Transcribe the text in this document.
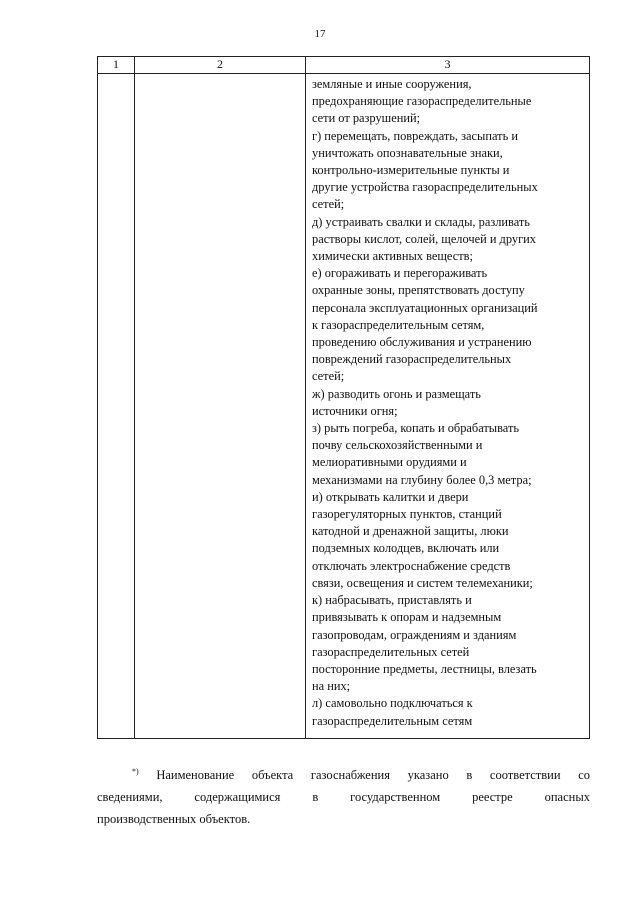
17
1	2	3
земляные и иные сооружения,
предохраняющие газораспределительные
сети от разрушений;
г) перемещать, повреждать, засыпать и
уничтожать опознавательные знаки,
контрольно-измерительные пункты и
другие устройства газораспределительных
сетей;
д) устраивать свалки и склады, разливать
растворы кислот, солей, щелочей и других
химически активных веществ;
е) огораживать и перегораживать
охранные зоны, препятствовать доступу
персонала эксплуатационных организаций
к газораспределительным сетям,
проведению обслуживания и устранению
повреждений газораспределительных
сетей;
ж) разводить огонь и размещать
источники огня;
з) рыть погреба, копать и обрабатывать
почву сельскохозяйственными и
мелиоративными орудиями и
механизмами на глубину более 0,3 метра;
и) открывать калитки и двери
газорегуляторных пунктов, станций
катодной и дренажной защиты, люки
подземных колодцев, включать или
отключать электроснабжение средств
связи, освещения и систем телемеханики;
к) набрасывать, приставлять и
привязывать к опорам и надземным
газопроводам, ограждениям и зданиям
газораспределительных сетей
посторонние предметы, лестницы, влезать
на них;
л) самовольно подключаться к
газораспределительным сетям
*) Наименование объекта газоснабжения указано в соответствии со
сведениями, содержащимися в государственном реестре опасных
производственных объектов.
